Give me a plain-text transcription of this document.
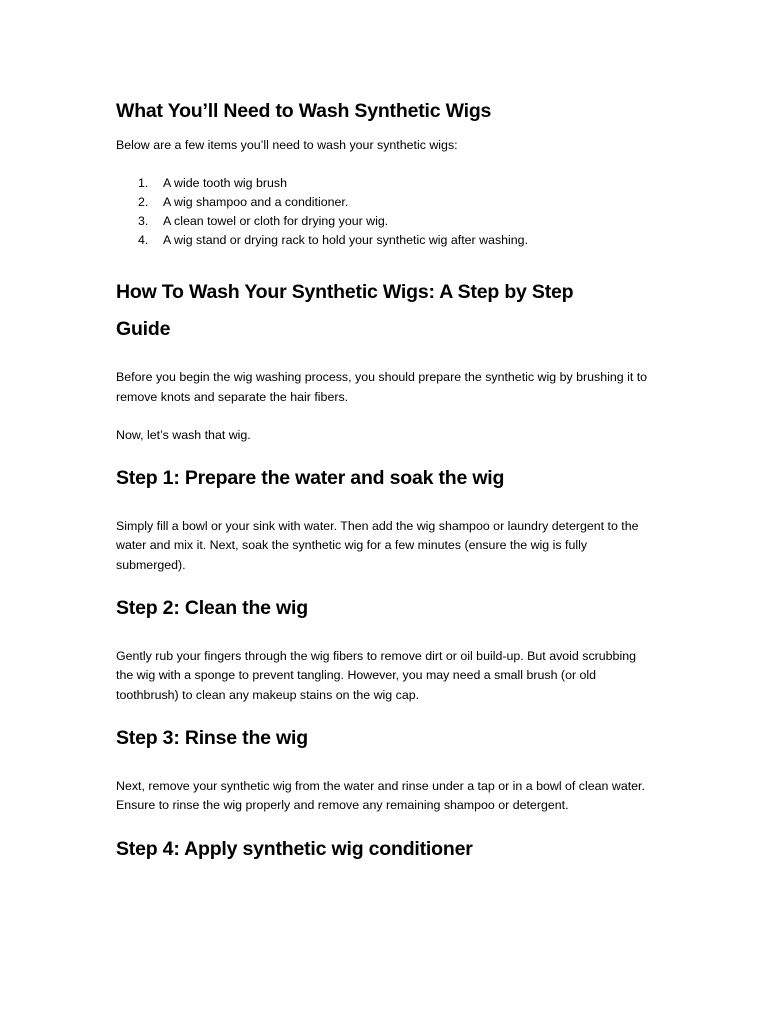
What You’ll Need to Wash Synthetic Wigs

Below are a few items you’ll need to wash your synthetic wigs:

1. A wide tooth wig brush
2. A wig shampoo and a conditioner.
3. A clean towel or cloth for drying your wig.
4. A wig stand or drying rack to hold your synthetic wig after washing.
How To Wash Your Synthetic Wigs: A Step by Step
Guide

Before you begin the wig washing process, you should prepare the synthetic wig by brushing it to remove knots and separate the hair fibers.

Now, let’s wash that wig.

Step 1: Prepare the water and soak the wig

Simply fill a bowl or your sink with water. Then add the wig shampoo or laundry detergent to the water and mix it. Next, soak the synthetic wig for a few minutes (ensure the wig is fully submerged).

Step 2: Clean the wig

Gently rub your fingers through the wig fibers to remove dirt or oil build-up. But avoid scrubbing the wig with a sponge to prevent tangling. However, you may need a small brush (or old toothbrush) to clean any makeup stains on the wig cap.

Step 3: Rinse the wig

Next, remove your synthetic wig from the water and rinse under a tap or in a bowl of clean water. Ensure to rinse the wig properly and remove any remaining shampoo or detergent.

Step 4: Apply synthetic wig conditioner
